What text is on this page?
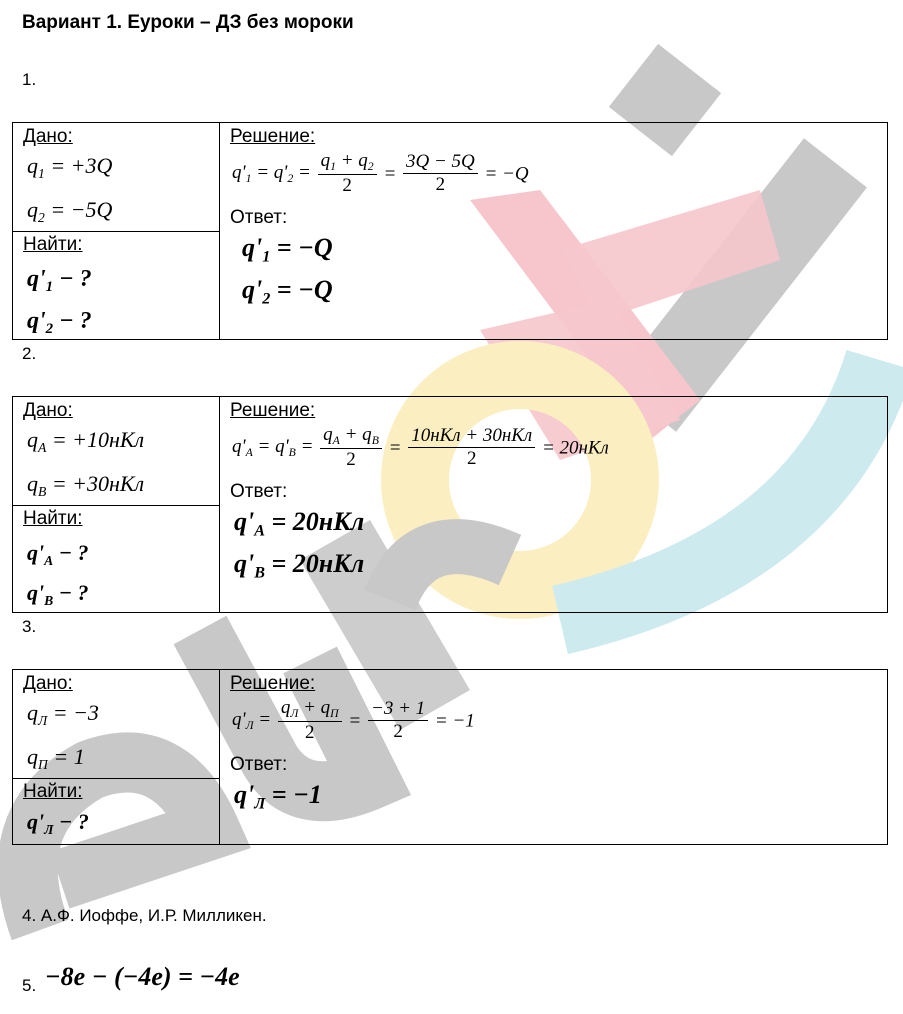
Вариант 1. Еуроки – ДЗ без мороки
1.
Дано:
$q_1 = +3Q$
$q_2 = -5Q$
Найти:
$q'_1$ − ?
$q'_2$ − ?
Решение:
$q'_1 = q'_2 = \frac{q_1 + q_2}{2} = \frac{3Q - 5Q}{2} = -Q$
Ответ:
$q'_1 = -Q$
$q'_2 = -Q$
2.
Дано:
$q_A = +10нКл$
$q_B = +30нКл$
Найти:
$q'_A$ − ?
$q'_B$ − ?
Решение:
$q'_A = q'_B = \frac{q_A + q_B}{2} = \frac{\text{10нКл + 30нКл}}{2} = 20нКл$
Ответ:
$q'_A = 20нКл$
$q'_B = 20нКл$
3.
Дано:
$q_Л = -3$
$q_П = 1$
Найти:
$q'_Л$ − ?
Решение:
$q'_Л = \frac{q_Л + q_П}{2} = \frac{-3 + 1}{2} = -1$
Ответ:
$q'_Л = -1$
4. А.Ф. Иоффе, И.Р. Милликен.
5. −8e − (−4e) = −4e
